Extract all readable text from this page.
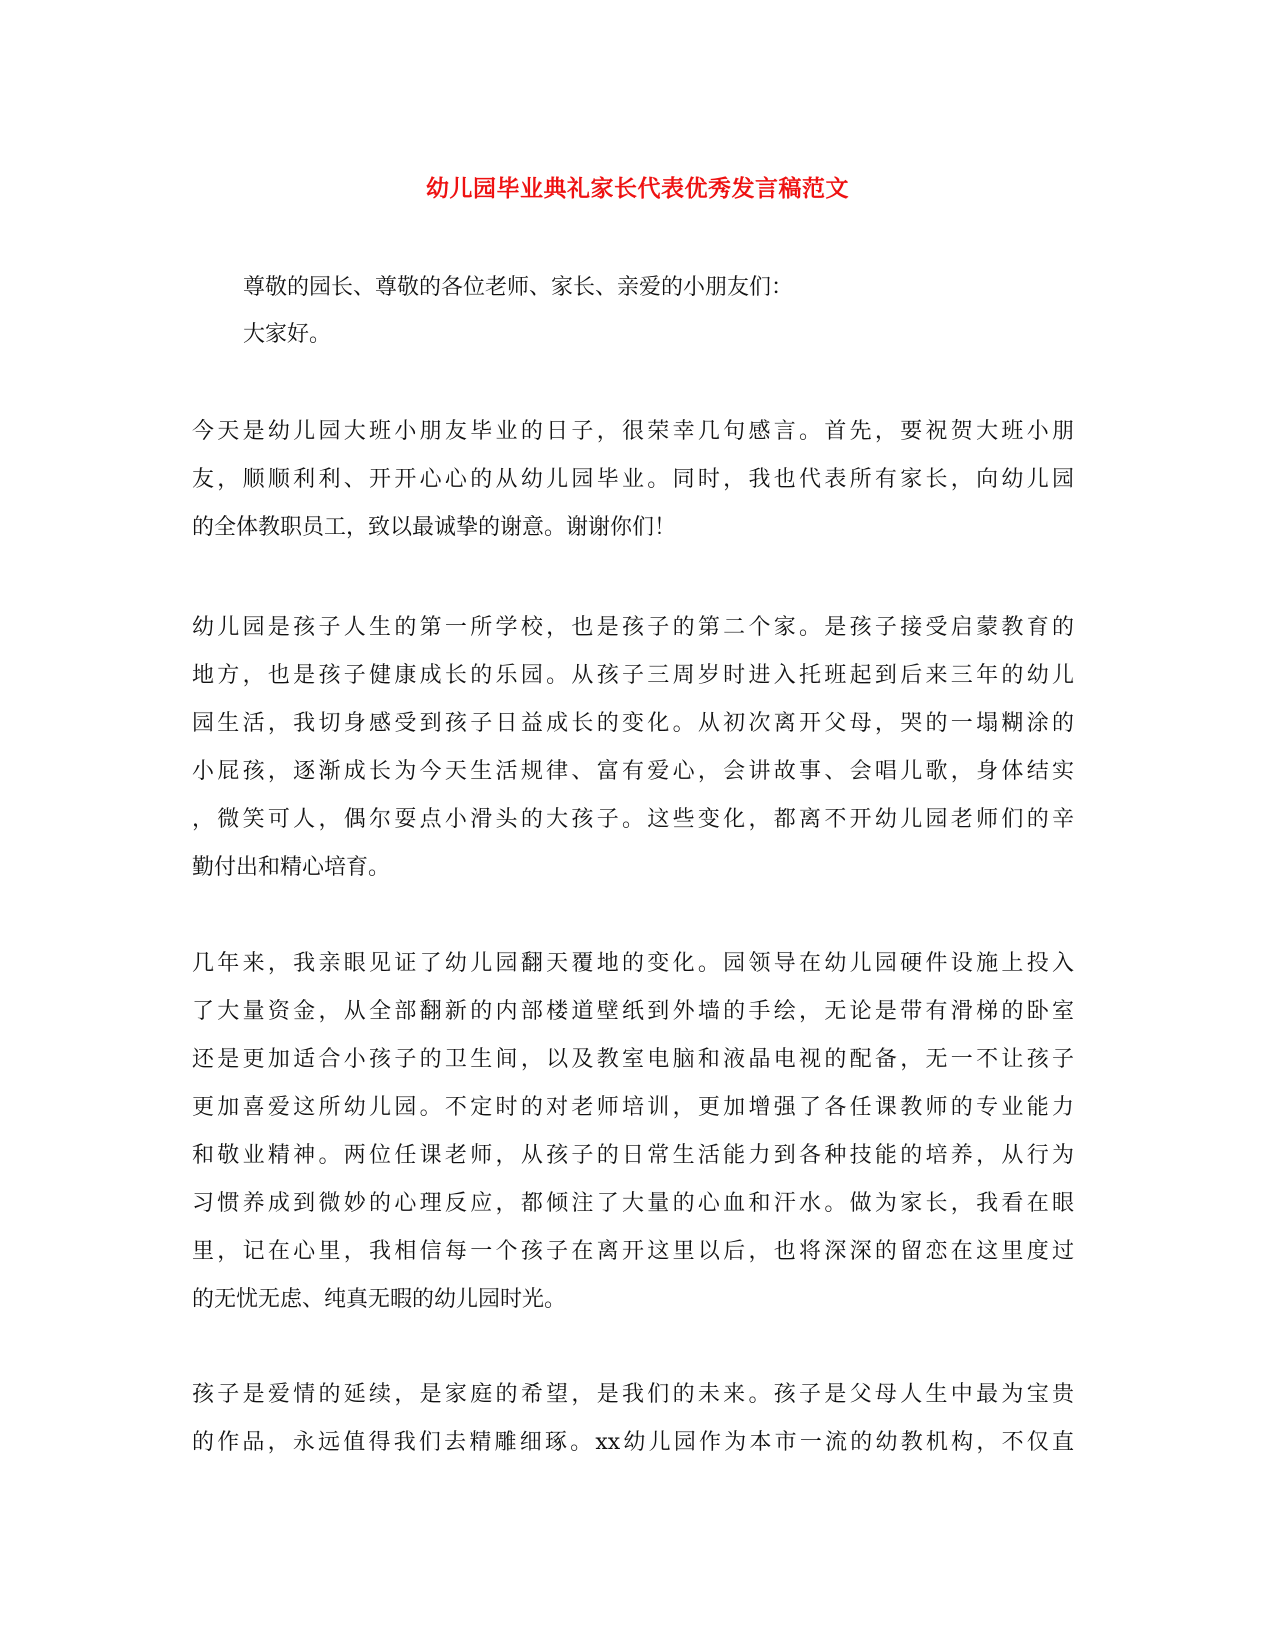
幼儿园毕业典礼家长代表优秀发言稿范文

尊敬的园长、尊敬的各位老师、家长、亲爱的小朋友们：

大家好。

今天是幼儿园大班小朋友毕业的日子，很荣幸几句感言。首先，要祝贺大班小朋
友，顺顺利利、开开心心的从幼儿园毕业。同时，我也代表所有家长，向幼儿园
的全体教职员工，致以最诚挚的谢意。谢谢你们！
幼儿园是孩子人生的第一所学校，也是孩子的第二个家。是孩子接受启蒙教育的
地方，也是孩子健康成长的乐园。从孩子三周岁时进入托班起到后来三年的幼儿
园生活，我切身感受到孩子日益成长的变化。从初次离开父母，哭的一塌糊涂的
小屁孩，逐渐成长为今天生活规律、富有爱心，会讲故事、会唱儿歌，身体结实
，微笑可人，偶尔耍点小滑头的大孩子。这些变化，都离不开幼儿园老师们的辛
勤付出和精心培育。
几年来，我亲眼见证了幼儿园翻天覆地的变化。园领导在幼儿园硬件设施上投入
了大量资金，从全部翻新的内部楼道壁纸到外墙的手绘，无论是带有滑梯的卧室
还是更加适合小孩子的卫生间，以及教室电脑和液晶电视的配备，无一不让孩子
更加喜爱这所幼儿园。不定时的对老师培训，更加增强了各任课教师的专业能力
和敬业精神。两位任课老师，从孩子的日常生活能力到各种技能的培养，从行为
习惯养成到微妙的心理反应，都倾注了大量的心血和汗水。做为家长，我看在眼
里，记在心里，我相信每一个孩子在离开这里以后，也将深深的留恋在这里度过
的无忧无虑、纯真无暇的幼儿园时光。
孩子是爱情的延续，是家庭的希望，是我们的未来。孩子是父母人生中最为宝贵
的作品，永远值得我们去精雕细琢。xx幼儿园作为本市一流的幼教机构，不仅直
